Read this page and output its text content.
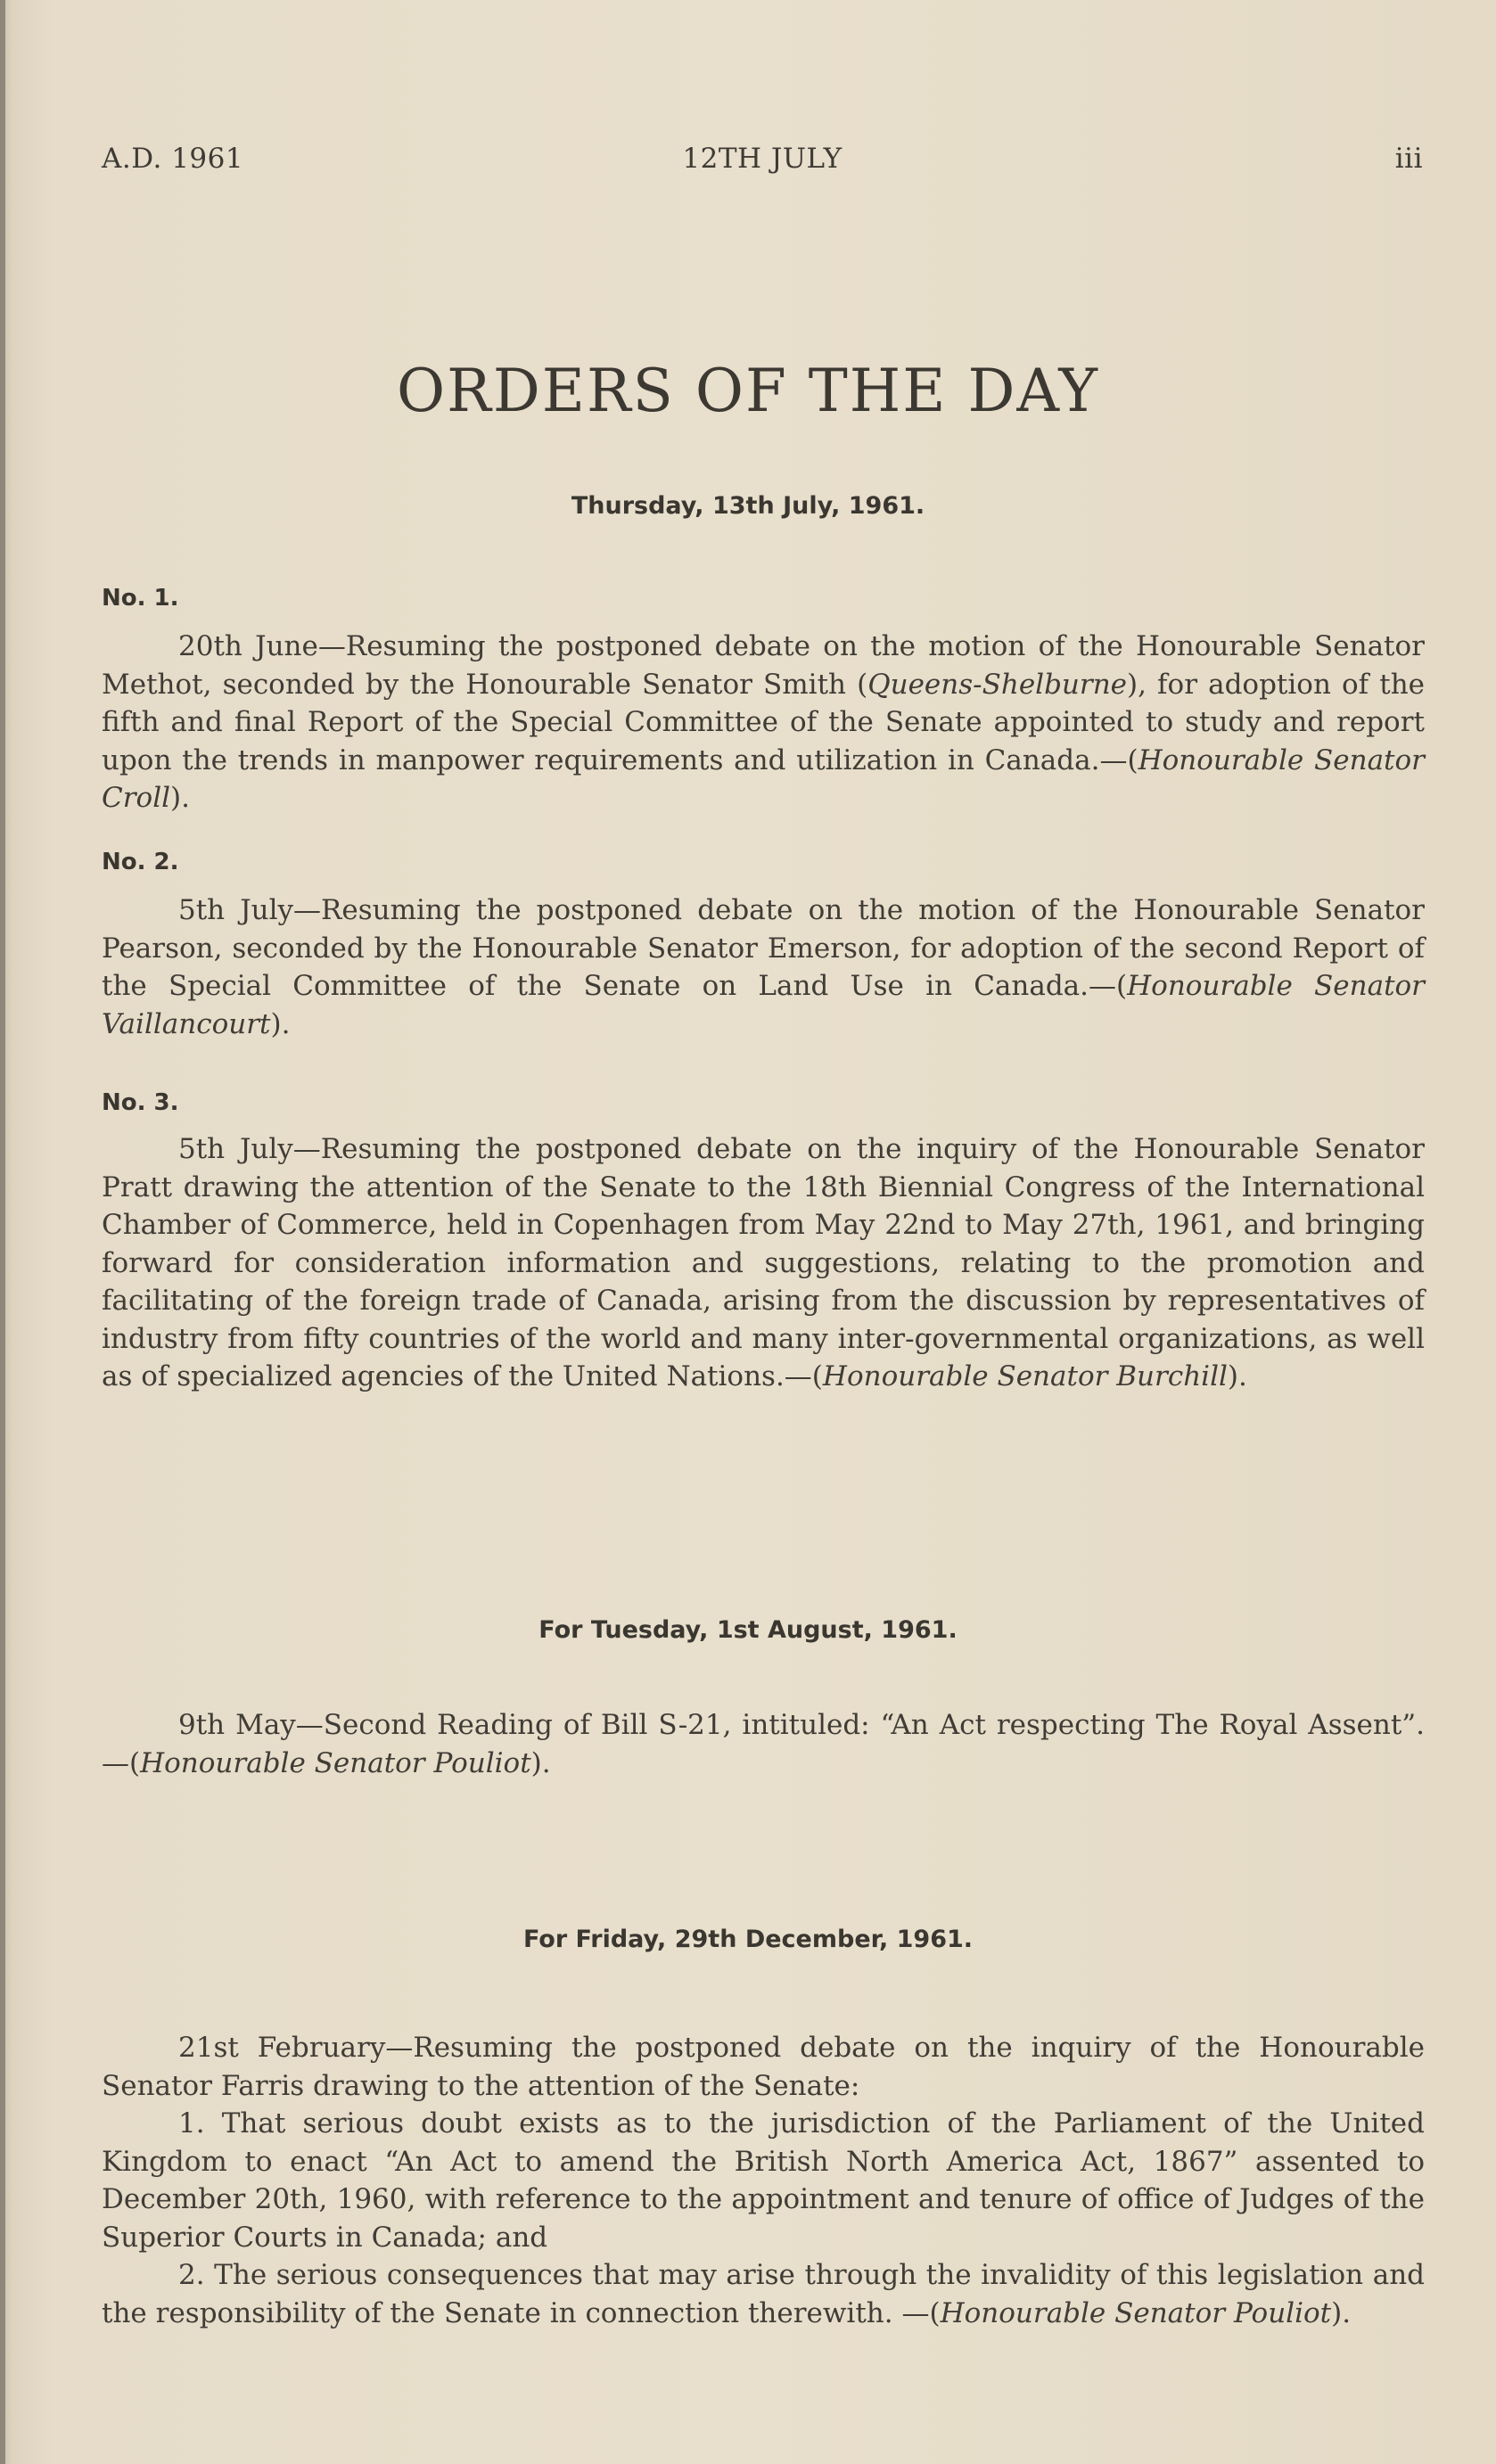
A.D. 1961	12TH JULY	iii
ORDERS OF THE DAY
Thursday, 13th July, 1961.
No. 1.

20th June—Resuming the postponed debate on the motion of the Honourable Senator Methot, seconded by the Honourable Senator Smith (Queens-Shelburne), for adoption of the fifth and final Report of the Special Committee of the Senate appointed to study and report upon the trends in manpower requirements and utilization in Canada.—(Honourable Senator Croll).

No. 2.

5th July—Resuming the postponed debate on the motion of the Honourable Senator Pearson, seconded by the Honourable Senator Emerson, for adoption of the second Report of the Special Committee of the Senate on Land Use in Canada.—(Honourable Senator Vaillancourt).

No. 3.

5th July—Resuming the postponed debate on the inquiry of the Honourable Senator Pratt drawing the attention of the Senate to the 18th Biennial Congress of the International Chamber of Commerce, held in Copenhagen from May 22nd to May 27th, 1961, and bringing forward for consideration information and suggestions, relating to the promotion and facilitating of the foreign trade of Canada, arising from the discussion by representatives of industry from fifty countries of the world and many inter-governmental organizations, as well as of specialized agencies of the United Nations.—(Honourable Senator Burchill).

For Tuesday, 1st August, 1961.

9th May—Second Reading of Bill S-21, intituled: “An Act respecting The Royal Assent”.—(Honourable Senator Pouliot).

For Friday, 29th December, 1961.

21st February—Resuming the postponed debate on the inquiry of the Honourable Senator Farris drawing to the attention of the Senate:

1. That serious doubt exists as to the jurisdiction of the Parliament of the United Kingdom to enact “An Act to amend the British North America Act, 1867” assented to December 20th, 1960, with reference to the appointment and tenure of office of Judges of the Superior Courts in Canada; and

2. The serious consequences that may arise through the invalidity of this legislation and the responsibility of the Senate in connection therewith. —(Honourable Senator Pouliot).
